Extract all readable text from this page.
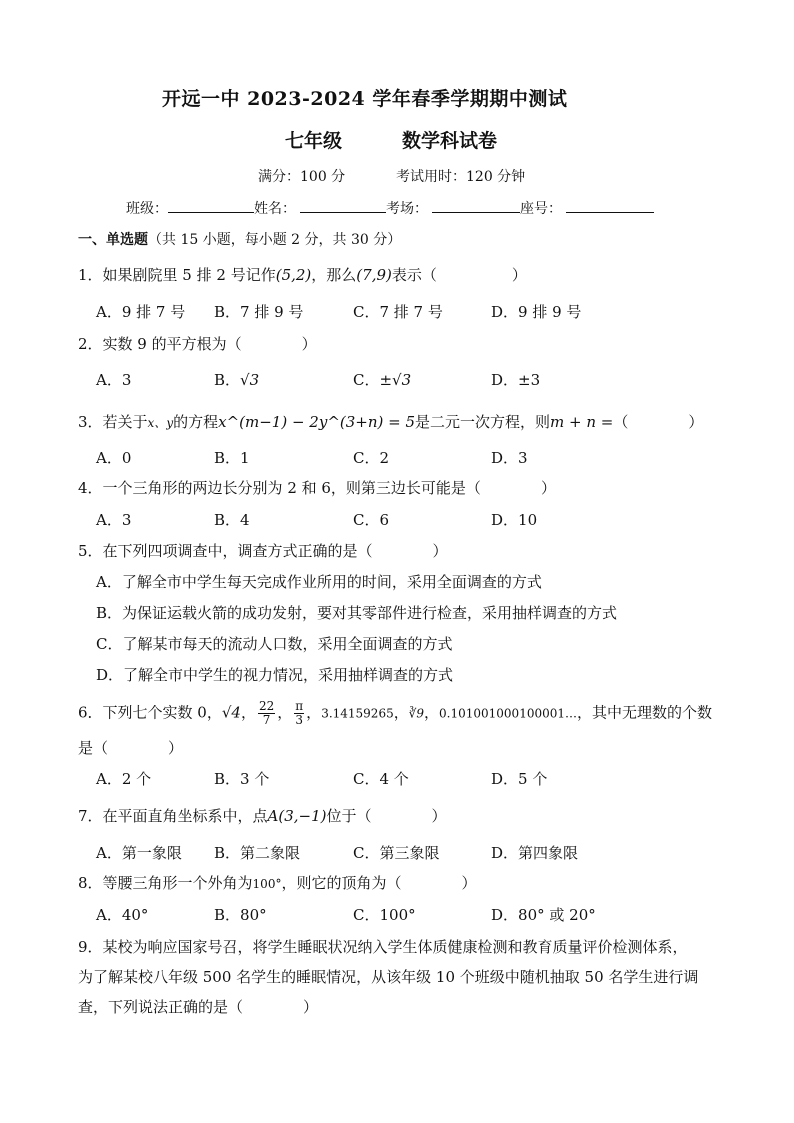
开远一中 2023-2024 学年春季学期期中测试
七年级	数学科试卷
满分：100 分	考试用时：120 分钟
班级：	姓名：	考场：	座号：
一、单选题（共 15 小题，每小题 2 分，共 30 分）
1．如果剧院里 5 排 2 号记作(5,2)，那么(7,9)表示（　　　　　）
A．9 排 7 号 B．7 排 9 号	C．7 排 7 号	D．9 排 9 号
2．实数 9 的平方根为（　　　　）
A．3	B．√3	C．±√3	D．±3
3．若关于x、y的方程x^(m−1) − 2y^(3+n) = 5是二元一次方程，则m + n =（　　　　）
A．0	B．1	C．2	D．3
4．一个三角形的两边长分别为 2 和 6，则第三边长可能是（　　　　）
A．3	B．4	C．6	D．10
5．在下列四项调查中，调查方式正确的是（　　　　）
A．了解全市中学生每天完成作业所用的时间，采用全面调查的方式
B．为保证运载火箭的成功发射，要对其零部件进行检查，采用抽样调查的方式
C．了解某市每天的流动人口数，采用全面调查的方式
D．了解全市中学生的视力情况，采用抽样调查的方式
6．下列七个实数 0，√4， $\frac{22}{7}$ ， $\frac{\pi}{3}$ ，3.14159265，∛9，0.101001000100001…，其中无理数的个数
是（　　　　）
A．2 个	B．3 个	C．4 个	D．5 个
7．在平面直角坐标系中，点A(3,−1)位于（　　　　）
A．第一象限 B．第二象限	C．第三象限	D．第四象限
8．等腰三角形一个外角为100°，则它的顶角为（　　　　）
A．40°	B．80°	C．100°	D．80° 或 20°
9．某校为响应国家号召，将学生睡眠状况纳入学生体质健康检测和教育质量评价检测体系，
为了解某校八年级 500 名学生的睡眠情况，从该年级 10 个班级中随机抽取 50 名学生进行调
查，下列说法正确的是（　　　　）
